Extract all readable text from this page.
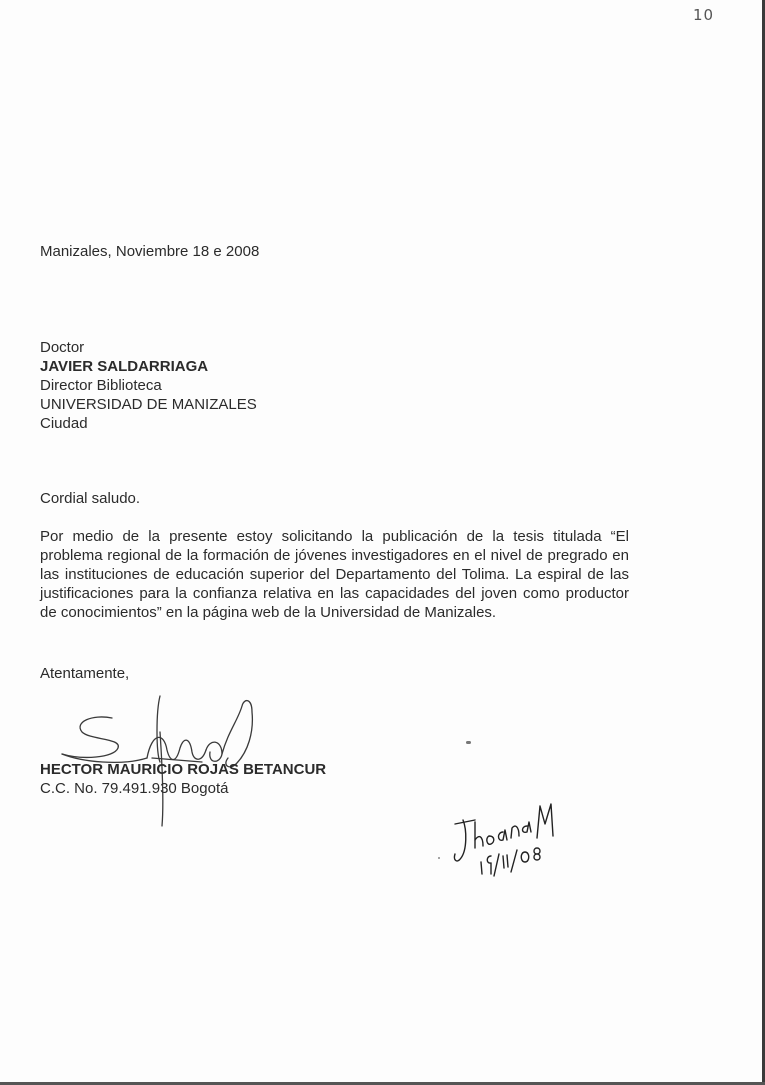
10
Manizales, Noviembre 18 e 2008
Doctor
JAVIER SALDARRIAGA
Director Biblioteca
UNIVERSIDAD DE MANIZALES
Ciudad
Cordial saludo.
Por medio de la presente estoy solicitando la publicación de la tesis titulada “El problema regional de la formación de jóvenes investigadores en el nivel de pregrado en las instituciones de educación superior del Departamento del Tolima. La espiral de las justificaciones para la confianza relativa en las capacidades del joven como productor de conocimientos” en la página web de la Universidad de Manizales.
Atentamente,
HECTOR MAURICIO ROJAS BETANCUR
C.C. No. 79.491.930 Bogotá
